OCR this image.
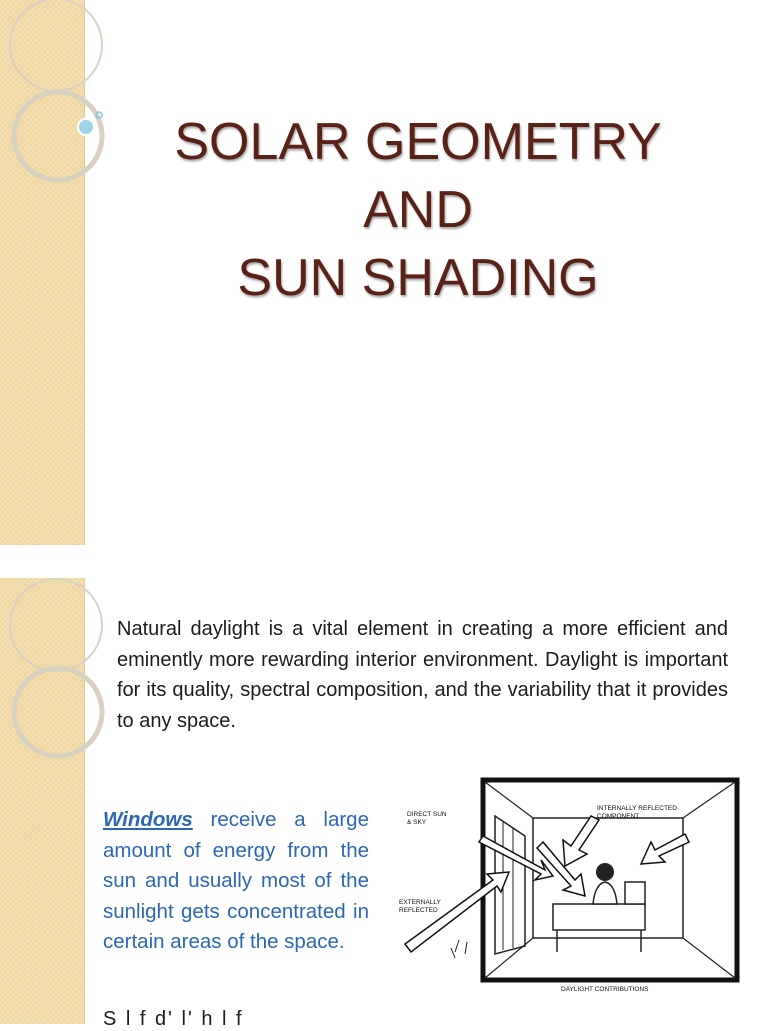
SOLAR GEOMETRY
AND
SUN SHADING

Natural daylight is a vital element in creating a more efficient and eminently more rewarding interior environment. Daylight is important for its quality, spectral composition, and the variability that it provides to any space.

Windows receive a large amount of energy from the sun and usually most of the sunlight gets concentrated in certain areas of the space.

DIRECT SUN
& SKY
INTERNALLY REFLECTED
COMPONENT
EXTERNALLY
REFLECTED
DAYLIGHT CONTRIBUTIONS
S l f d' l' h l f
